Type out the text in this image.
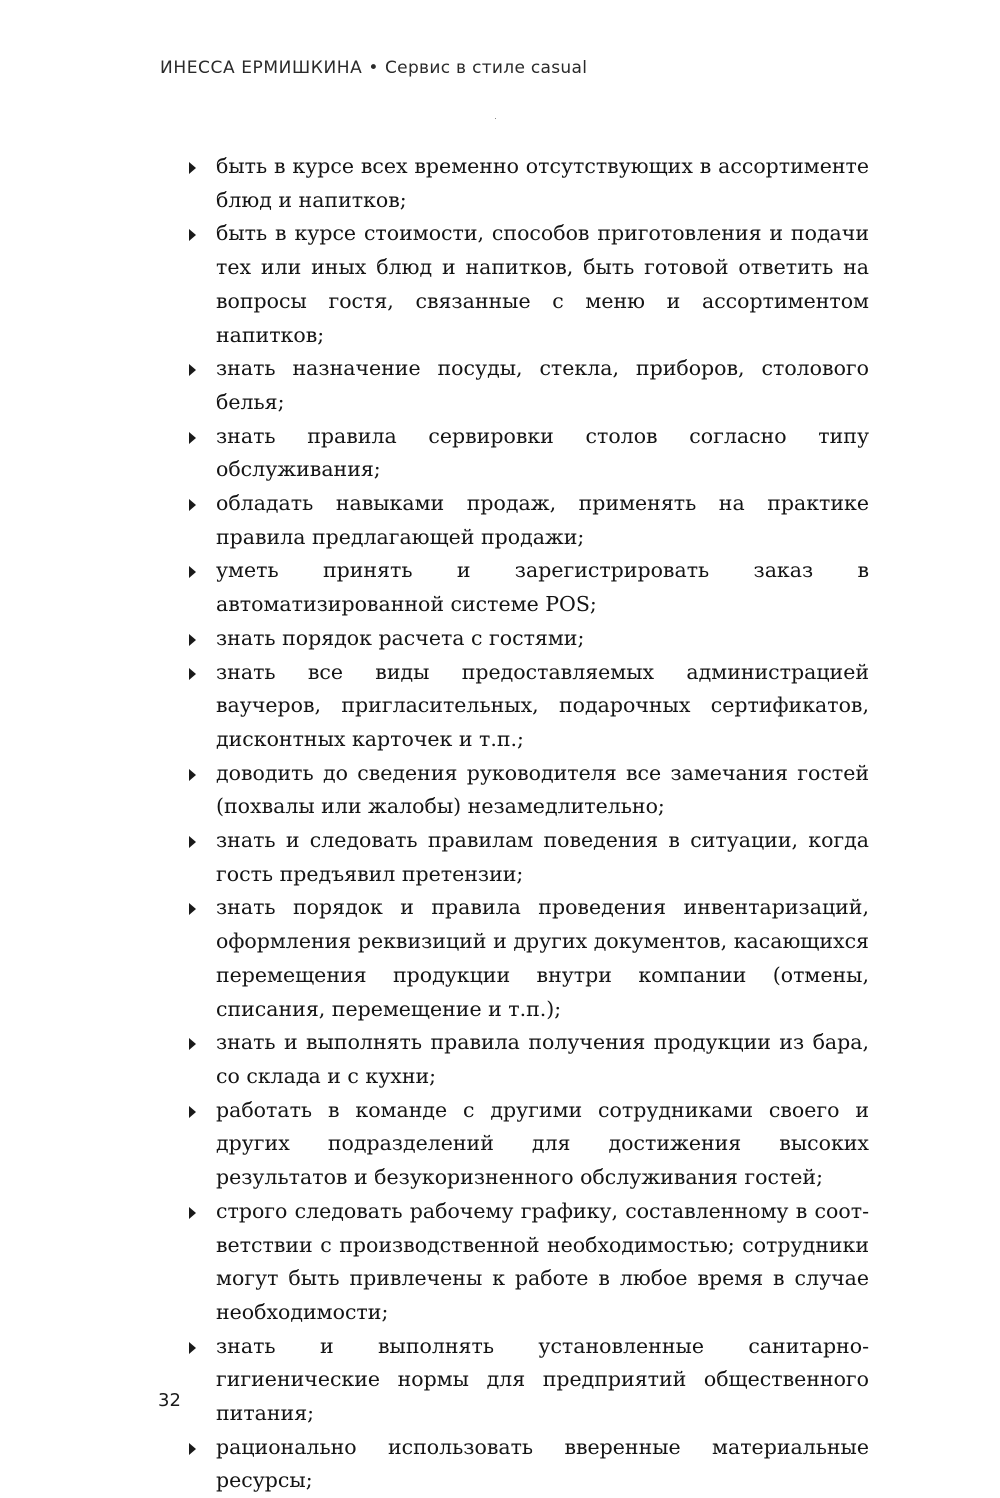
ИНЕССА ЕРМИШКИНА • Сервис в стиле casual
быть в курсе всех временно отсутствующих в ассортименте блюд и напитков;
быть в курсе стоимости, способов приготовления и подачи тех или иных блюд и напитков, быть готовой ответить на вопросы гостя, связанные с меню и ассортиментом напитков;
знать назначение посуды, стекла, приборов, столового белья;
знать правила сервировки столов согласно типу обслуживания;
обладать навыками продаж, применять на практике правила предлагающей продажи;
уметь принять и зарегистрировать заказ в автоматизированной системе POS;
знать порядок расчета с гостями;
знать все виды предоставляемых администрацией ваучеров, пригласительных, подарочных сертификатов, дисконтных карточек и т.п.;
доводить до сведения руководителя все замечания гостей (похвалы или жалобы) незамедлительно;
знать и следовать правилам поведения в ситуации, когда гость предъявил претензии;
знать порядок и правила проведения инвентаризаций, оформления реквизиций и других документов, касающихся перемещения продукции внутри компании (отмены, списания, перемещение и т.п.);
знать и выполнять правила получения продукции из бара, со склада и с кухни;
работать в команде с другими сотрудниками своего и других подразделений для достижения высоких результатов и безукоризненного обслуживания гостей;
строго следовать рабочему графику, составленному в соответствии с производственной необходимостью; сотрудники могут быть привлечены к работе в любое время в случае необходимости;
знать и выполнять установленные санитарно-гигиенические нормы для предприятий общественного питания;
рационально использовать вверенные материальные ресурсы;
32
